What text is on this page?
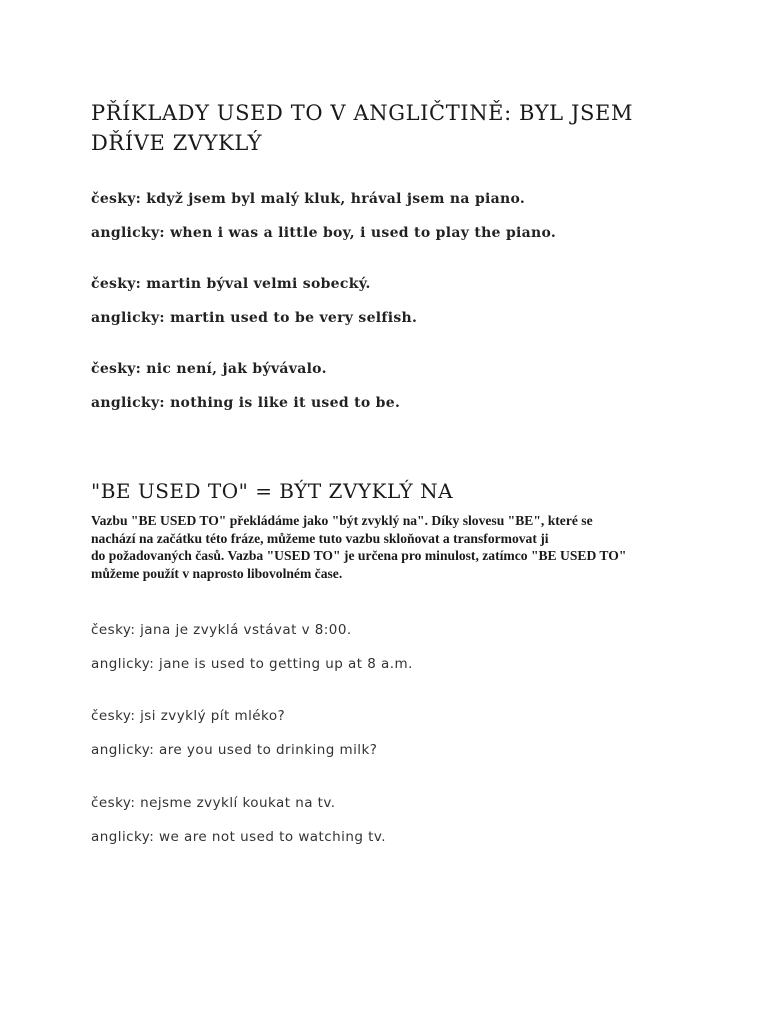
PŘÍKLADY USED TO V ANGLIČTINĚ: BYL JSEM DŘÍVE ZVYKLÝ

česky: když jsem byl malý kluk, hrával jsem na piano.

anglicky: when i was a little boy, i used to play the piano.

česky: martin býval velmi sobecký.

anglicky: martin used to be very selfish.

česky: nic není, jak bývávalo.

anglicky: nothing is like it used to be.

"BE USED TO" = BÝT ZVYKLÝ NA
Vazbu "BE USED TO" překládáme jako "být zvyklý na". Díky slovesu "BE", které se
nachází na začátku této fráze, můžeme tuto vazbu skloňovat a transformovat ji
do požadovaných časů. Vazba "USED TO" je určena pro minulost, zatímco "BE USED TO"
můžeme použít v naprosto libovolném čase.

česky: jana je zvyklá vstávat v 8:00.

anglicky: jane is used to getting up at 8 a.m.

česky: jsi zvyklý pít mléko?

anglicky: are you used to drinking milk?

česky: nejsme zvyklí koukat na tv.

anglicky: we are not used to watching tv.
